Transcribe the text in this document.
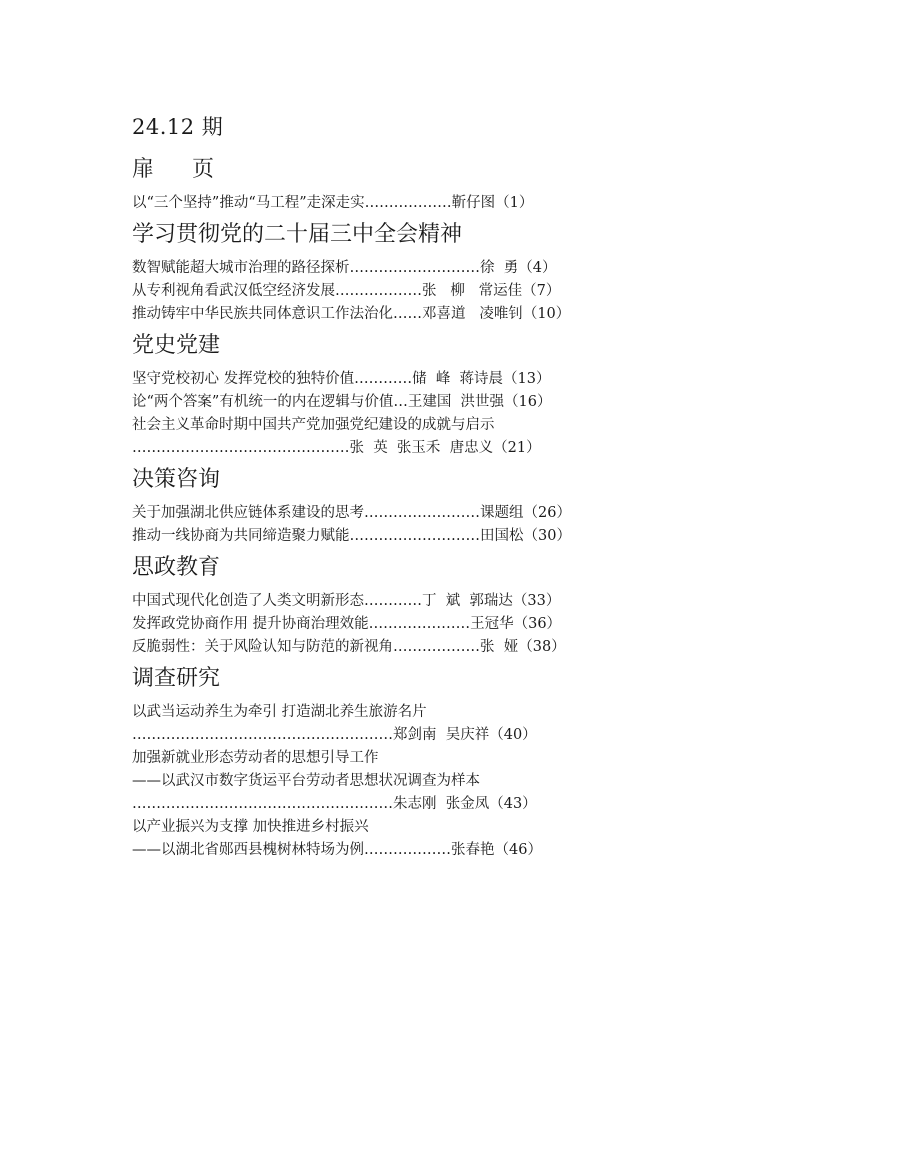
24.12 期
扉页
以“三个坚持”推动“马工程”走深走实………………靳仔图（1）
学习贯彻党的二十届三中全会精神
数智赋能超大城市治理的路径探析………………………徐  勇（4）
从专利视角看武汉低空经济发展………………张   柳   常运佳（7）
推动铸牢中华民族共同体意识工作法治化……邓喜道   凌唯钊（10）
党史党建
坚守党校初心 发挥党校的独特价值…………储  峰  蒋诗晨（13）
论“两个答案”有机统一的内在逻辑与价值…王建国  洪世强（16）
社会主义革命时期中国共产党加强党纪建设的成就与启示
………………………………………张  英  张玉禾  唐忠义（21）
决策咨询
关于加强湖北供应链体系建设的思考……………………课题组（26）
推动一线协商为共同缔造聚力赋能………………………田国松（30）
思政教育
中国式现代化创造了人类文明新形态…………丁  斌  郭瑞达（33）
发挥政党协商作用 提升协商治理效能…………………王冠华（36）
反脆弱性：关于风险认知与防范的新视角………………张  娅（38）
调查研究
以武当运动养生为牵引 打造湖北养生旅游名片
………………………………………………郑剑南  吴庆祥（40）
加强新就业形态劳动者的思想引导工作
——以武汉市数字货运平台劳动者思想状况调查为样本
………………………………………………朱志刚  张金凤（43）
以产业振兴为支撑 加快推进乡村振兴
——以湖北省郧西县槐树林特场为例………………张春艳（46）
